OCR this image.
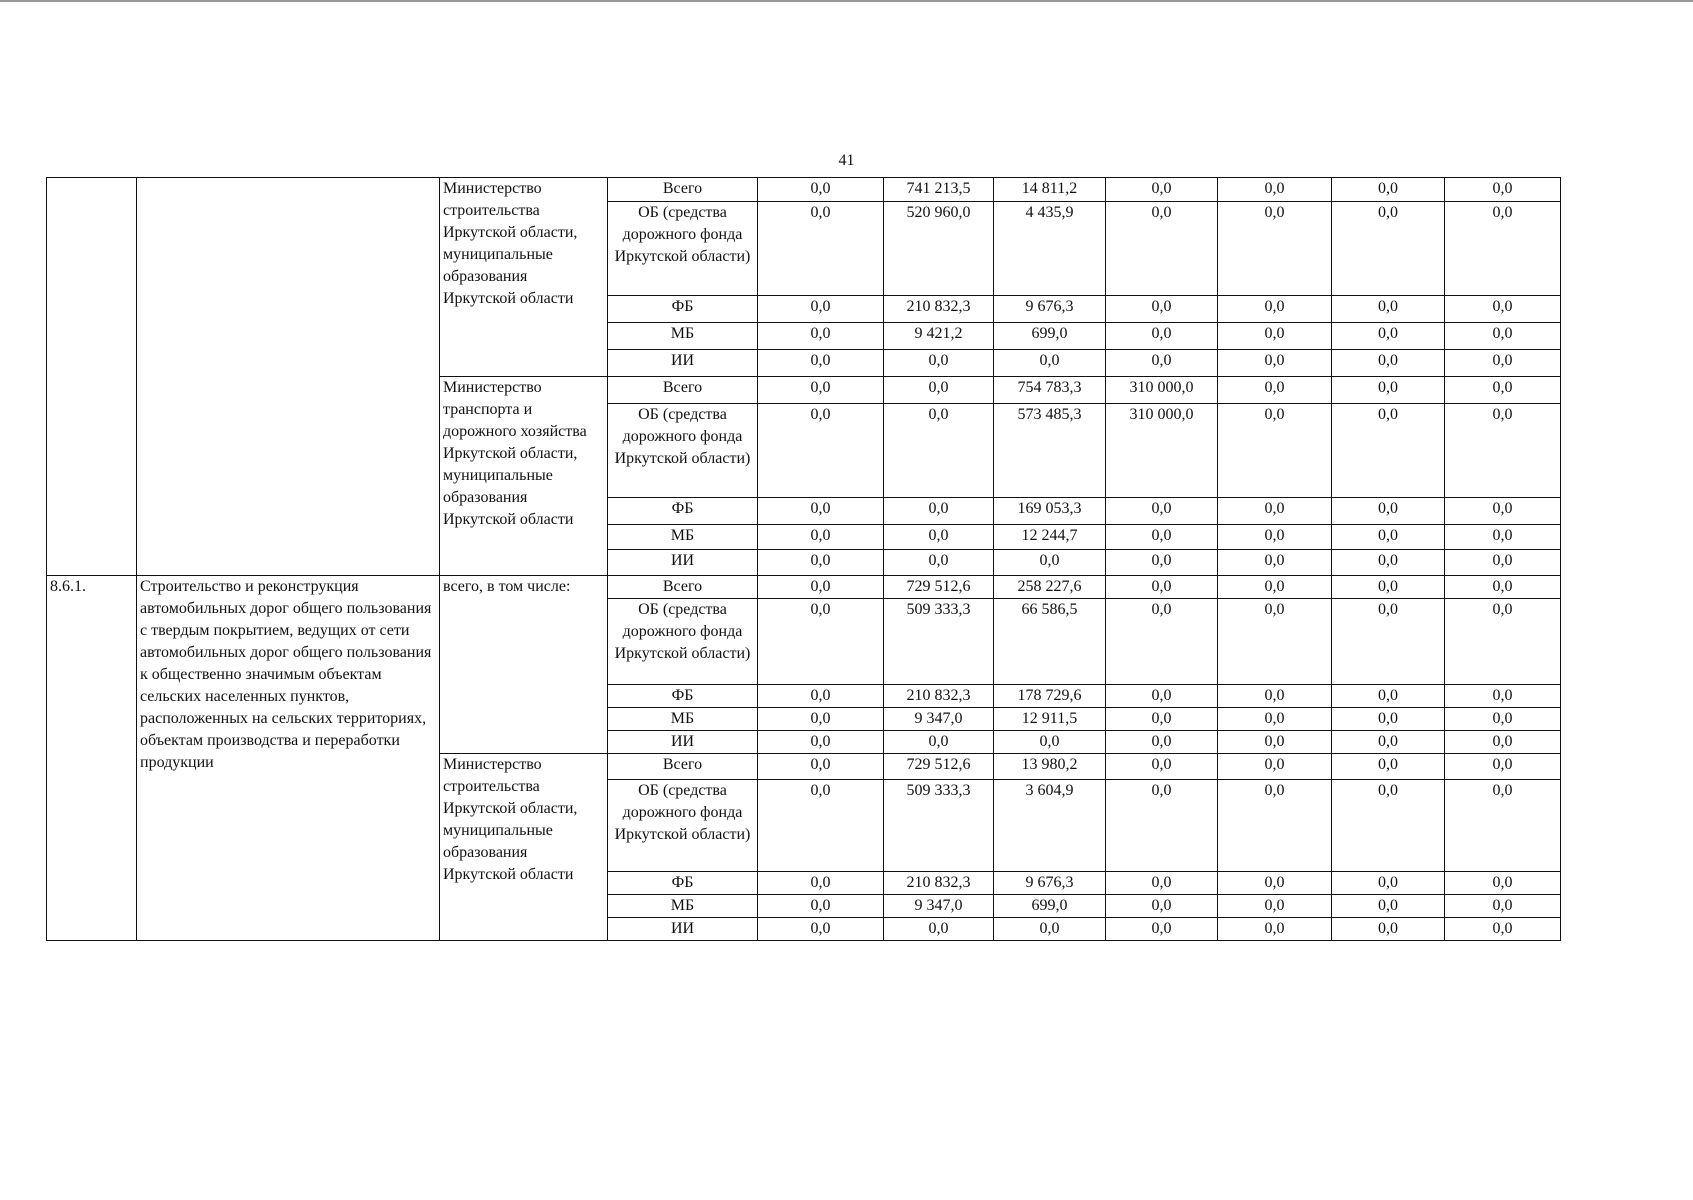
41
		Министерство строительства Иркутской области, муниципальные образования Иркутской области	Всего	0,0	741 213,5	14 811,2	0,0	0,0	0,0	0,0
			ОБ (средства дорожного фонда Иркутской области)	0,0	520 960,0	4 435,9	0,0	0,0	0,0	0,0
			ФБ	0,0	210 832,3	9 676,3	0,0	0,0	0,0	0,0
			МБ	0,0	9 421,2	699,0	0,0	0,0	0,0	0,0
			ИИ	0,0	0,0	0,0	0,0	0,0	0,0	0,0
		Министерство транспорта и дорожного хозяйства Иркутской области, муниципальные образования Иркутской области	Всего	0,0	0,0	754 783,3	310 000,0	0,0	0,0	0,0
			ОБ (средства дорожного фонда Иркутской области)	0,0	0,0	573 485,3	310 000,0	0,0	0,0	0,0
			ФБ	0,0	0,0	169 053,3	0,0	0,0	0,0	0,0
			МБ	0,0	0,0	12 244,7	0,0	0,0	0,0	0,0
			ИИ	0,0	0,0	0,0	0,0	0,0	0,0	0,0
8.6.1.	Строительство и реконструкция автомобильных дорог общего пользования с твердым покрытием, ведущих от сети автомобильных дорог общего пользования к общественно значимым объектам сельских населенных пунктов, расположенных на сельских территориях, объектам производства и переработки продукции	всего, в том числе:	Всего	0,0	729 512,6	258 227,6	0,0	0,0	0,0	0,0
			ОБ (средства дорожного фонда Иркутской области)	0,0	509 333,3	66 586,5	0,0	0,0	0,0	0,0
			ФБ	0,0	210 832,3	178 729,6	0,0	0,0	0,0	0,0
			МБ	0,0	9 347,0	12 911,5	0,0	0,0	0,0	0,0
			ИИ	0,0	0,0	0,0	0,0	0,0	0,0	0,0
		Министерство строительства Иркутской области, муниципальные образования Иркутской области	Всего	0,0	729 512,6	13 980,2	0,0	0,0	0,0	0,0
			ОБ (средства дорожного фонда Иркутской области)	0,0	509 333,3	3 604,9	0,0	0,0	0,0	0,0
			ФБ	0,0	210 832,3	9 676,3	0,0	0,0	0,0	0,0
			МБ	0,0	9 347,0	699,0	0,0	0,0	0,0	0,0
			ИИ	0,0	0,0	0,0	0,0	0,0	0,0	0,0
